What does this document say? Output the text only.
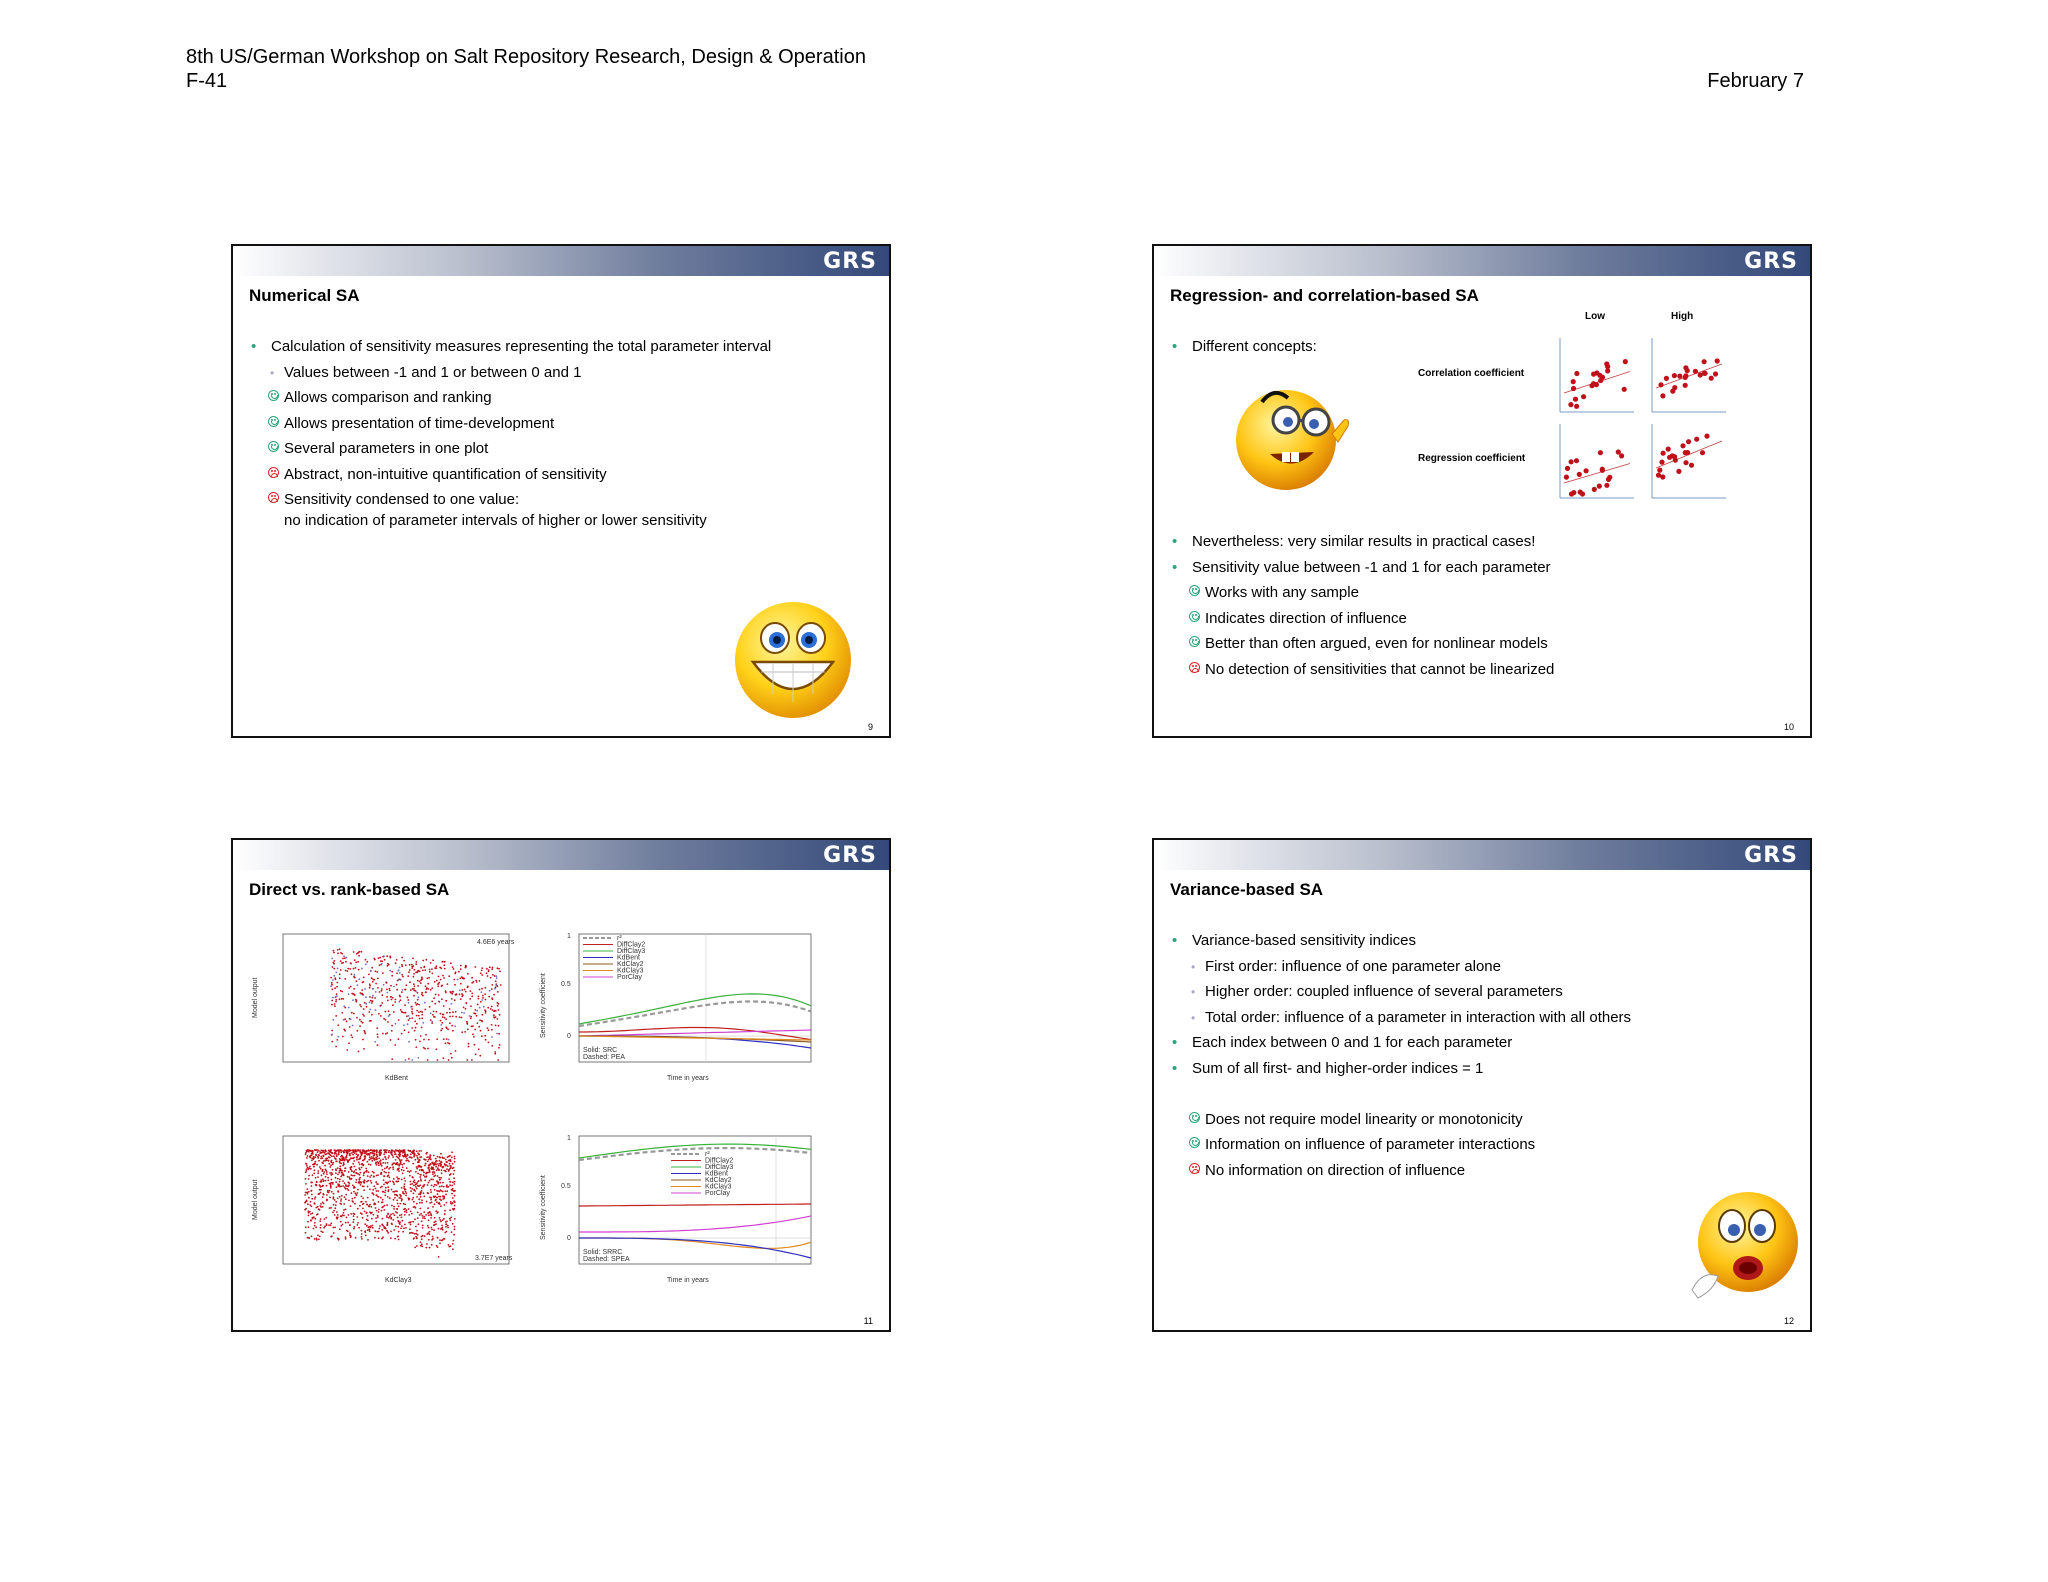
8th US/German Workshop on Salt Repository Research, Design & Operation
F-41	February 7
GRS
Numerical SA
9
• Calculation of sensitivity measures representing the total parameter interval
• Values between -1 and 1 or between 0 and 1
Allows comparison and ranking
Allows presentation of time-development
Several parameters in one plot
Abstract, non-intuitive quantification of sensitivity
Sensitivity condensed to one value:
no indication of parameter intervals of higher or lower sensitivity
GRS
Regression- and correlation-based SA
• Different concepts:
Low	High
Correlation coefficient
Regression coefficient
10
• Nevertheless: very similar results in practical cases!
• Sensitivity value between -1 and 1 for each parameter
Works with any sample
Indicates direction of influence
Better than often argued, even for nonlinear models
No detection of sensitivities that cannot be linearized
GRS
Direct vs. rank-based SA
4.6E6 years
KdBent
Model output
1
0.5
0
Solid: SRC
Dashed: PEA
Time in years
Sensitivity coefficient
r²
DiffClay2
DiffClay3
KdBent
KdClay2
KdClay3
PorClay
3.7E7 years
KdClay3
Model output
1
0.5
0
Solid: SRRC
Dashed: SPEA
Time in years
Sensitivity coefficient
r²
DiffClay2
DiffClay3
KdBent
KdClay2
KdClay3
PorClay
11
GRS
Variance-based SA
12
• Variance-based sensitivity indices
• First order: influence of one parameter alone
• Higher order: coupled influence of several parameters
• Total order: influence of a parameter in interaction with all others
• Each index between 0 and 1 for each parameter
• Sum of all first- and higher-order indices = 1
Does not require model linearity or monotonicity
Information on influence of parameter interactions
No information on direction of influence
